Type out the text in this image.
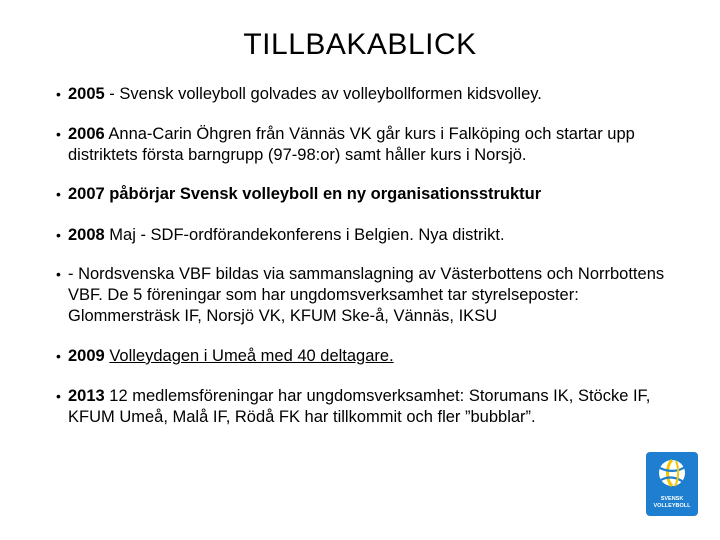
TILLBAKABLICK
• 2005 - Svensk volleyboll golvades av volleybollformen kidsvolley.
• 2006 Anna-Carin Öhgren från Vännäs VK går kurs i Falköping och startar upp distriktets första barngrupp (97-98:or) samt håller kurs i Norsjö.
• 2007 påbörjar Svensk volleyboll en ny organisationsstruktur
• 2008 Maj - SDF-ordförandekonferens i Belgien. Nya distrikt.
• - Nordsvenska VBF bildas via sammanslagning av Västerbottens och Norrbottens VBF. De 5 föreningar som har ungdomsverksamhet tar styrelseposter: Glommersträsk IF, Norsjö VK, KFUM Ske-å, Vännäs, IKSU
• 2009 Volleydagen i Umeå med 40 deltagare.
• 2013 12 medlemsföreningar har ungdomsverksamhet: Storumans IK, Stöcke IF, KFUM Umeå, Malå IF, Rödå FK har tillkommit och fler ”bubblar”.
SVENSK
VOLLEYBOLL
